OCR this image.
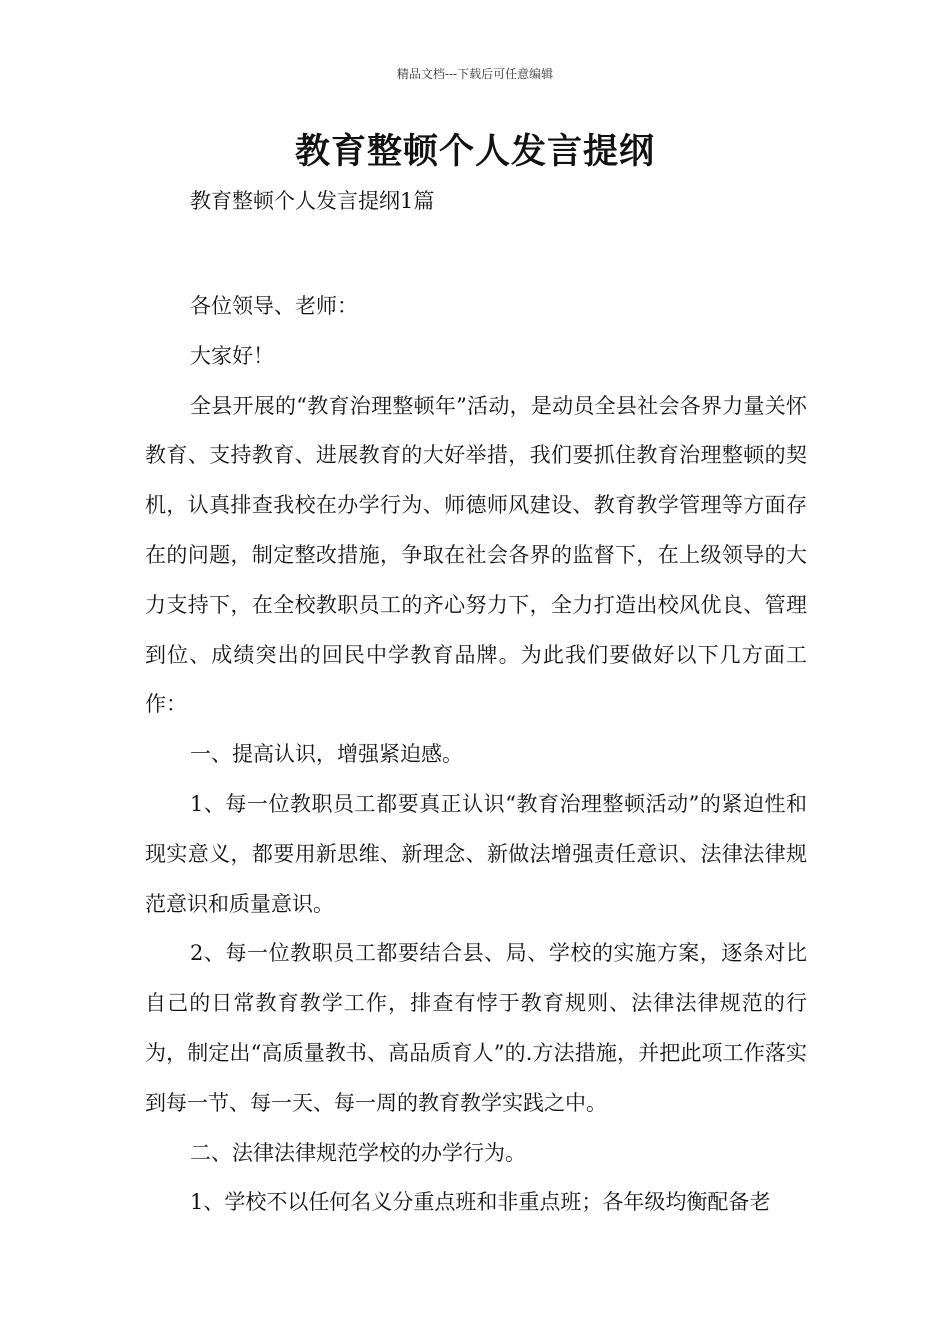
精品文档---下载后可任意编辑
教育整顿个人发言提纲
教育整顿个人发言提纲1篇

各位领导、老师：

大家好！

全县开展的“教育治理整顿年”活动，是动员全县社会各界力量关怀教育、支持教育、进展教育的大好举措，我们要抓住教育治理整顿的契机，认真排查我校在办学行为、师德师风建设、教育教学管理等方面存在的问题，制定整改措施，争取在社会各界的监督下，在上级领导的大力支持下，在全校教职员工的齐心努力下，全力打造出校风优良、管理到位、成绩突出的回民中学教育品牌。为此我们要做好以下几方面工作：

一、提高认识，增强紧迫感。

1、每一位教职员工都要真正认识“教育治理整顿活动”的紧迫性和现实意义，都要用新思维、新理念、新做法增强责任意识、法律法律规范意识和质量意识。

2、每一位教职员工都要结合县、局、学校的实施方案，逐条对比自己的日常教育教学工作，排查有悖于教育规则、法律法律规范的行为，制定出“高质量教书、高品质育人”的.方法措施，并把此项工作落实到每一节、每一天、每一周的教育教学实践之中。

二、法律法律规范学校的办学行为。

1、学校不以任何名义分重点班和非重点班；各年级均衡配备老
